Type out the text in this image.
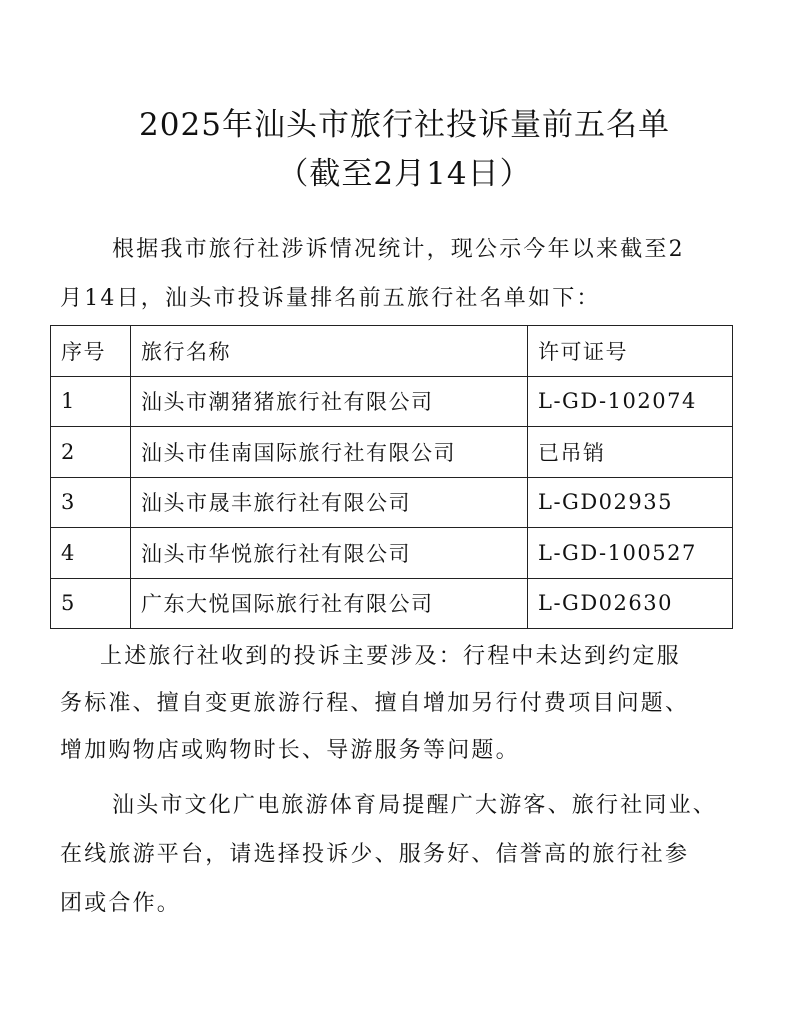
2025年汕头市旅行社投诉量前五名单
（截至2月14日）
根据我市旅行社涉诉情况统计，现公示今年以来截至2
月14日，汕头市投诉量排名前五旅行社名单如下：
序号	旅行名称	许可证号
1	汕头市潮猪猪旅行社有限公司	L-GD-102074
2	汕头市佳南国际旅行社有限公司	已吊销
3	汕头市晟丰旅行社有限公司	L-GD02935
4	汕头市华悦旅行社有限公司	L-GD-100527
5	广东大悦国际旅行社有限公司	L-GD02630
上述旅行社收到的投诉主要涉及：行程中未达到约定服
务标准、擅自变更旅游行程、擅自增加另行付费项目问题、
增加购物店或购物时长、导游服务等问题。
汕头市文化广电旅游体育局提醒广大游客、旅行社同业、
在线旅游平台，请选择投诉少、服务好、信誉高的旅行社参
团或合作。
